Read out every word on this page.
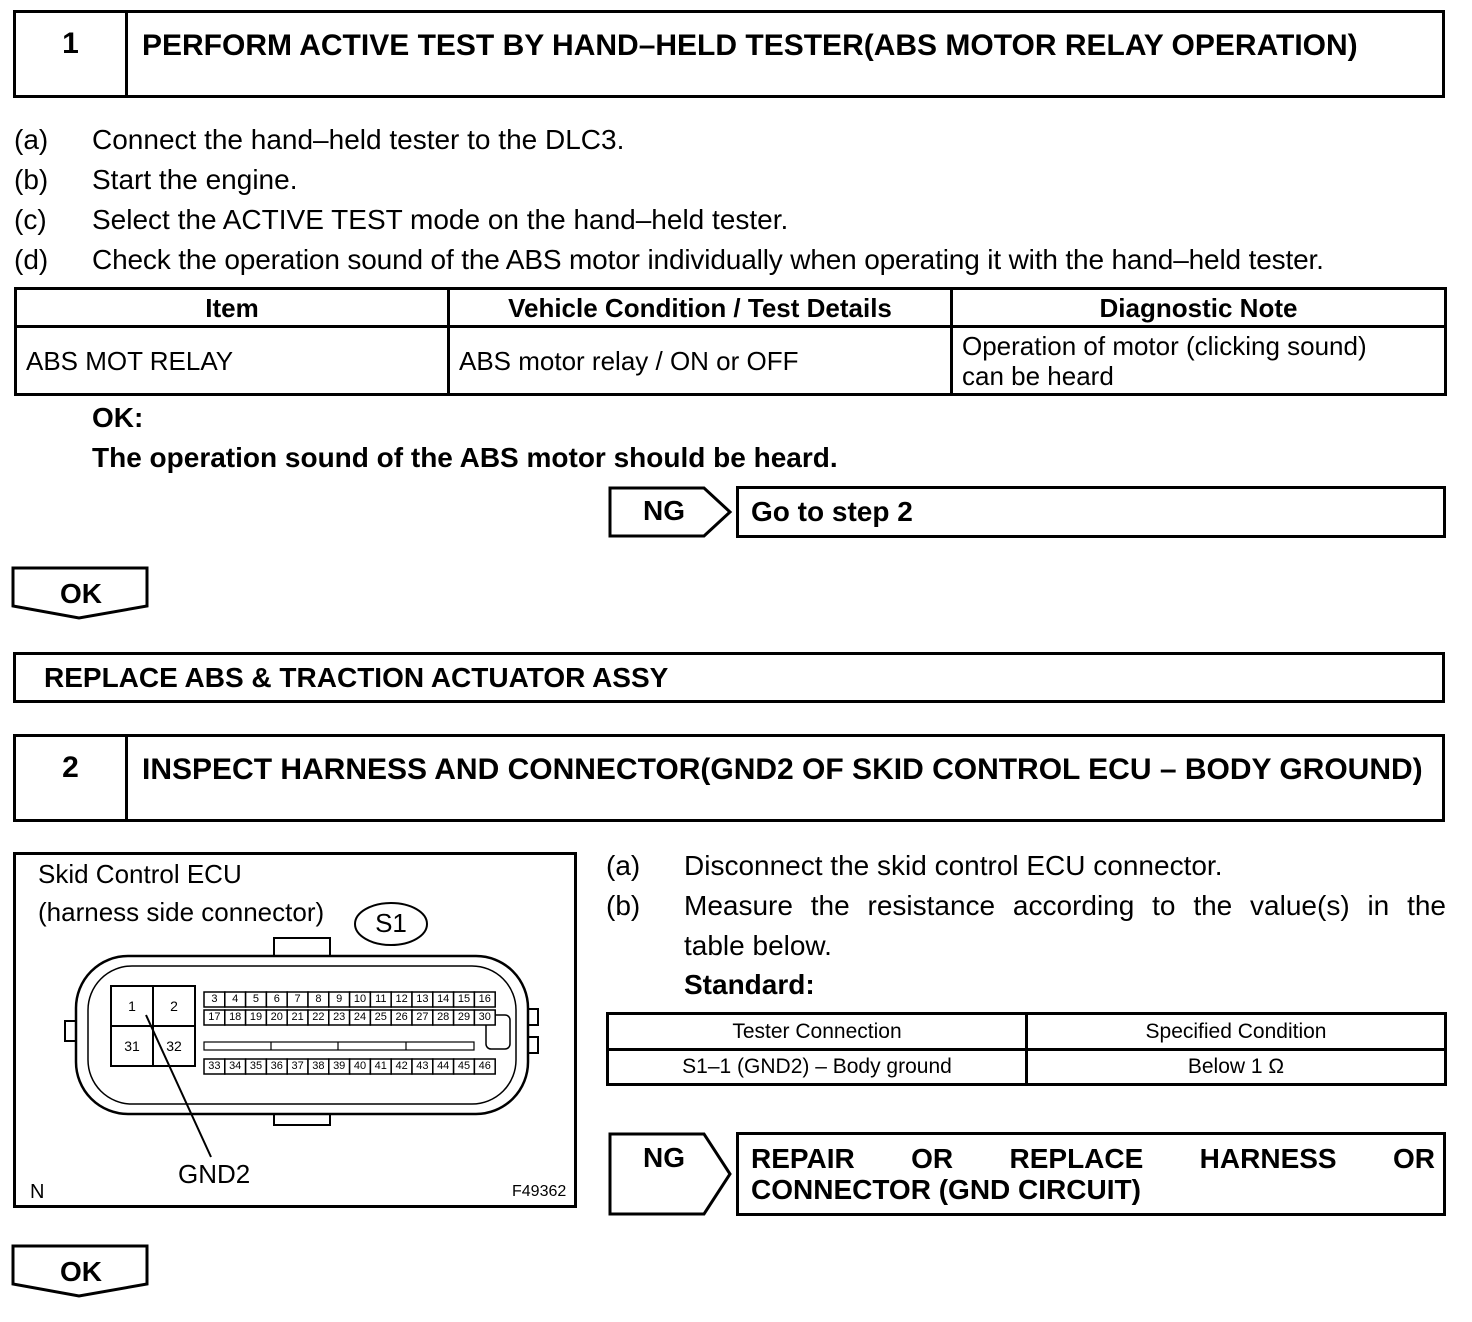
1	PERFORM ACTIVE TEST BY HAND–HELD TESTER(ABS MOTOR RELAY OPERATION)
(a) Connect the hand–held tester to the DLC3.
(b) Start the engine.
(c) Select the ACTIVE TEST mode on the hand–held tester.
(d) Check the operation sound of the ABS motor individually when operating it with the hand–held tester.
Item	Vehicle Condition / Test Details	Diagnostic Note
ABS MOT RELAY	ABS motor relay / ON or OFF	Operation of motor (clicking sound) can be heard
OK:
The operation sound of the ABS motor should be heard.
NG	Go to step 2
OK
REPLACE ABS & TRACTION ACTUATOR ASSY
2	INSPECT HARNESS AND CONNECTOR(GND2 OF SKID CONTROL ECU – BODY GROUND)
Skid Control ECU
(harness side connector)	S1
1	2
31	32
3	4	5	6	7	8	9	10 11 12 13 14 15 16
17 18 19 20 21 22 23 24 25 26 27 28 29 30
33 34 35 36 37 38 39 40 41 42 43 44 45 46
GND2
N	F49362
(a) Disconnect the skid control ECU connector.
(b) Measure the resistance according to the value(s) in the
table below.
Standard:
Tester Connection	Specified Condition
S1–1 (GND2) – Body ground	Below 1 Ω
NG	REPAIR OR REPLACE HARNESS OR
CONNECTOR (GND CIRCUIT)
OK
